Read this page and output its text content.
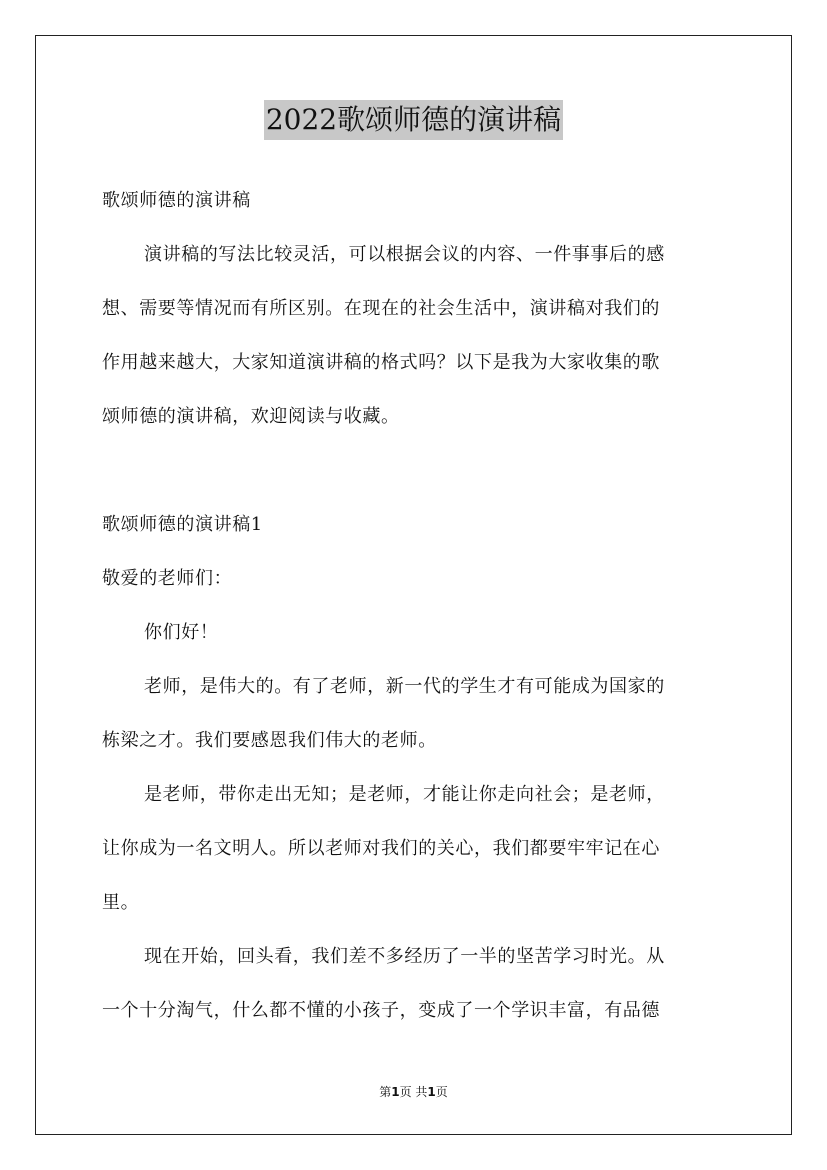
2022歌颂师德的演讲稿
歌颂师德的演讲稿
演讲稿的写法比较灵活，可以根据会议的内容、一件事事后的感
想、需要等情况而有所区别。在现在的社会生活中，演讲稿对我们的
作用越来越大，大家知道演讲稿的格式吗？以下是我为大家收集的歌
颂师德的演讲稿，欢迎阅读与收藏。
歌颂师德的演讲稿1
敬爱的老师们：
你们好！
老师，是伟大的。有了老师，新一代的学生才有可能成为国家的
栋梁之才。我们要感恩我们伟大的老师。
是老师，带你走出无知；是老师，才能让你走向社会；是老师，
让你成为一名文明人。所以老师对我们的关心，我们都要牢牢记在心
里。
现在开始，回头看，我们差不多经历了一半的坚苦学习时光。从
一个十分淘气，什么都不懂的小孩子，变成了一个学识丰富，有品德
第1页 共1页
